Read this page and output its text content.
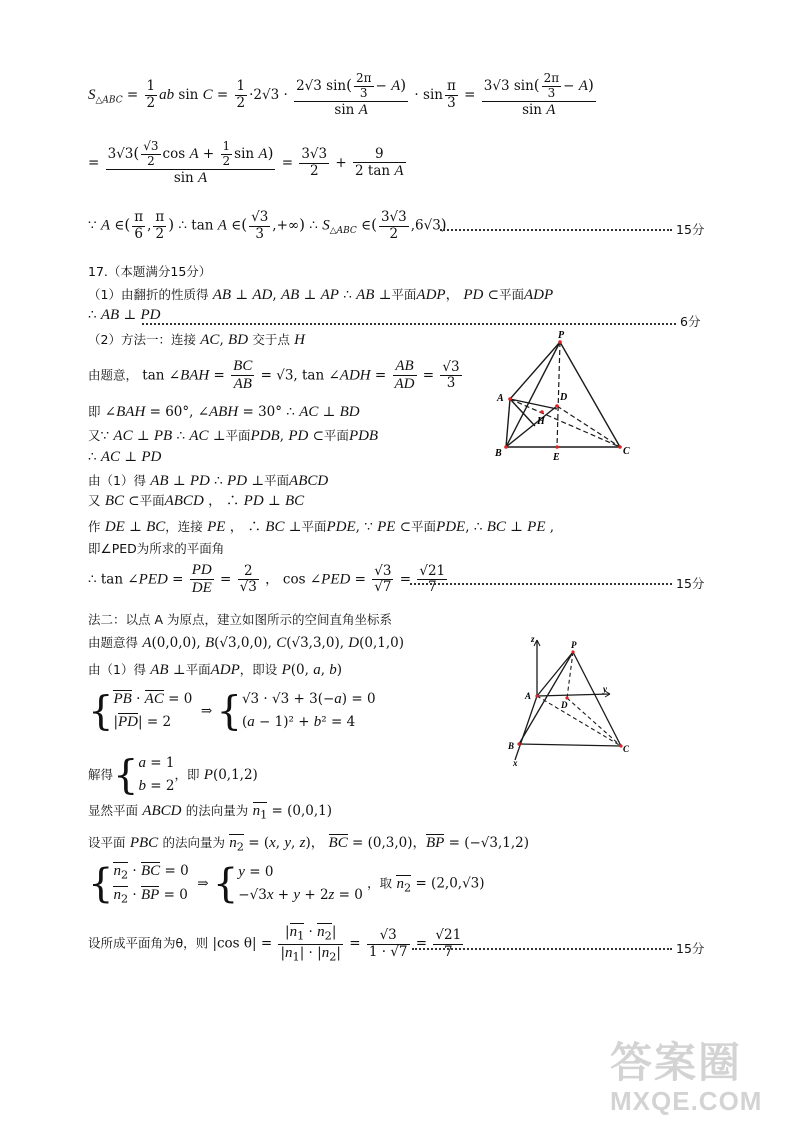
$S_{\triangle ABC} = \frac{1}{2}$ ab $\sin C = \frac{1}{2} \cdot 2√3 \cdot \frac{2√3 \sin( \frac{2\pi}{3} - A)}{\text{sin A}} \cdot \sin \frac{\pi}{3} = \frac{3√3 \sin( \frac{2\pi}{3} - A)}{\text{sin A}}$
= $\frac{3√3( \frac{√3}{2} \cos A + \frac{1}{2} \sin A)}{\text{sin A}} = \frac{3√3}{2} + \frac{9}{\text{2 tan A}}$
∵ A ∈( $\frac{\pi}{6}$ , $\frac{\pi}{2}$ ) ∴ tan A ∈( $\frac{√3}{3}$ ,+∞) ∴ $S_{\triangle ABC}$ ∈( $\frac{3√3}{2} ,6√3$)	15分
17.（本题满分15分）
（1）由翻折的性质得 AB ⊥ AD, AB ⊥ AP ∴ AB ⊥平面ADP， PD ⊂平面ADP
∴ AB ⊥ PD	6分
（2）方法一：连接 AC, BD 交于点 H
由题意， tan ∠BAH = $\frac{BC}{AB} = √3$, tan ∠ADH = $\frac{AB}{AD} = \frac{√3}{3}$
即 ∠BAH = 60°, ∠ABH = 30° ∴ AC ⊥ BD
又∵ AC ⊥ PB ∴ AC ⊥平面PDB, PD ⊂平面PDB
∴ AC ⊥ PD
由（1）得 AB ⊥ PD ∴ PD ⊥平面ABCD
又 BC ⊂平面ABCD ， ∴ PD ⊥ BC
作 DE ⊥ BC，连接 PE ， ∴ BC ⊥平面PDE, ∵ PE ⊂平面PDE, ∴ BC ⊥ PE ,
即∠PED为所求的平面角
∴ tan ∠PED = $\frac{PD}{DE} = \frac{2}{√3}$ ， cos ∠PED = $\frac{√3}{√7} = \frac{√21}{7}$	15分
P
A	D
H
B	E
C
法二：以点 A 为原点，建立如图所示的空间直角坐标系
由题意得 A(0,0,0), B(√3,0,0), C(√3,3,0), D(0,1,0)
由（1）得 AB ⊥平面ADP，即设 P(0, a, b)
{PB · AC = 0
|PD| = 2  ⇒ {√3 · √3 + 3(−a) = 0
(a − 1)² + b² = 4
解得{a = 1
b = 2，即 P(0,1,2)
显然平面 ABCD 的法向量为 $n_1 = (0,0,1)$
设平面 PBC 的法向量为 $n_2 = (x$, y, z)， BC = (0,3,0)，BP = (−√3,1,2)
{$n_2$ · BC = 0
$n_2$ · BP = 0  ⇒ {y = 0
−√3x + y + 2z = 0 ，取 $n_2 = (2,0,√3)$
设所成平面角为θ，则 |cos $\theta| = \frac{|n_1 \cdot n_2|}{|n_1| \cdot |n_2|} = \frac{√3}{1 \cdot √7} = \frac{√21}{7}$	15分
z
P
A
D
y
B	C
x
答案圈
MXQE.COM
